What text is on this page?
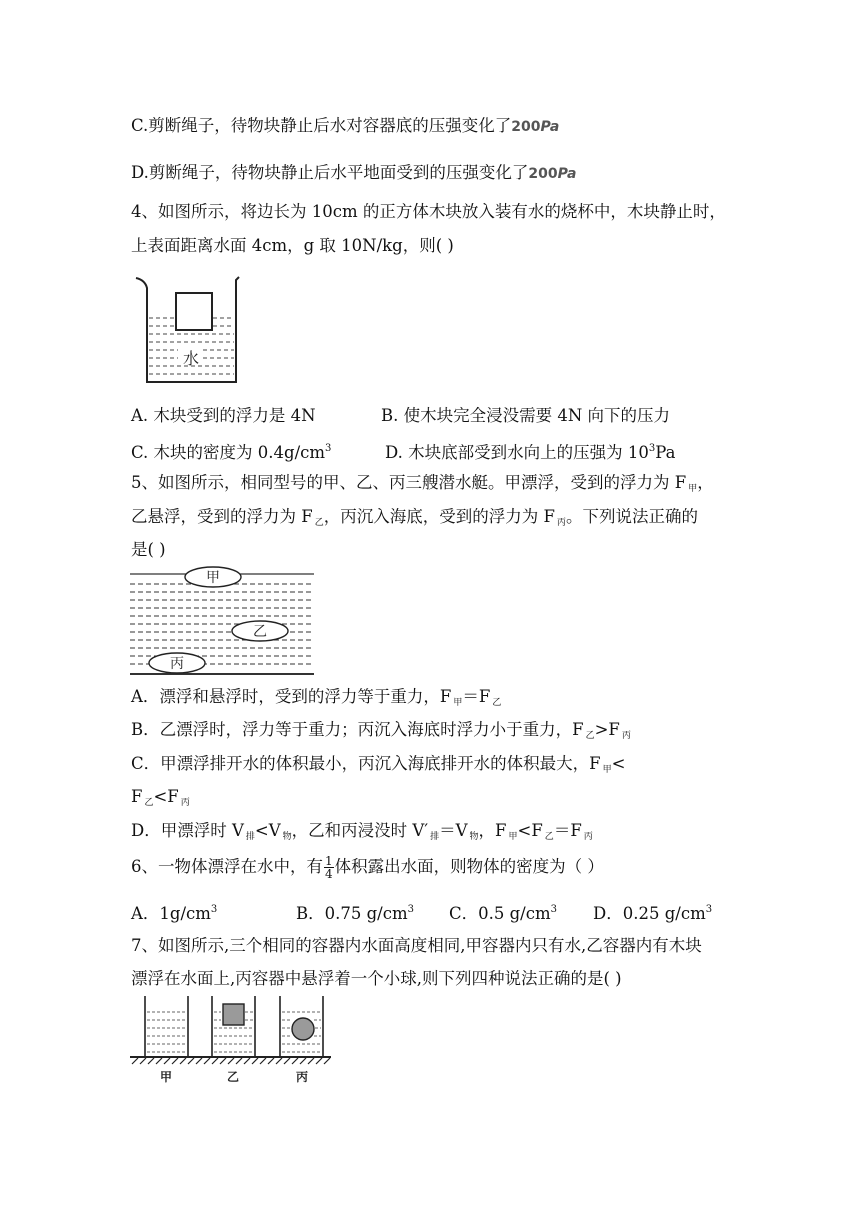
C.剪断绳子，待物块静止后水对容器底的压强变化了200Pa
D.剪断绳子，待物块静止后水平地面受到的压强变化了200Pa
4、如图所示，将边长为 10cm 的正方体木块放入装有水的烧杯中，木块静止时，
上表面距离水面 4cm，g 取 10N/kg，则( )
水
A. 木块受到的浮力是 4N	B. 使木块完全浸没需要 4N 向下的压力
C. 木块的密度为 $0.4g/cm^3$	D. 木块底部受到水向上的压强为 $10^3Pa$
5、如图所示，相同型号的甲、乙、丙三艘潜水艇。甲漂浮，受到的浮力为 F $_甲$，
乙悬浮，受到的浮力为 F $_乙$，丙沉入海底，受到的浮力为 F $_丙$。下列说法正确的
是( )
甲
乙
丙
A．漂浮和悬浮时，受到的浮力等于重力，F $_甲$＝F $_乙$
B．乙漂浮时，浮力等于重力；丙沉入海底时浮力小于重力，F $_乙$>F $_丙$
C．甲漂浮排开水的体积最小，丙沉入海底排开水的体积最大，F $_甲$<
F $_乙$<F $_丙$
D．甲漂浮时 V $_排$<V $_物$，乙和丙浸没时 V′ $_排$＝V $_物$，F $_甲$<F $_乙$＝F $_丙$
6、一物体漂浮在水中，有 $\frac{1}{4}$ 体积露出水面，则物体的密度为（ ）
A．$1g/cm^3$	B．0.75 $g/cm^3$ C．0.5 $g/cm^3$ D．0.25 $g/cm^3$
7、如图所示,三个相同的容器内水面高度相同,甲容器内只有水,乙容器内有木块
漂浮在水面上,丙容器中悬浮着一个小球,则下列四种说法正确的是( )
甲	乙	丙
